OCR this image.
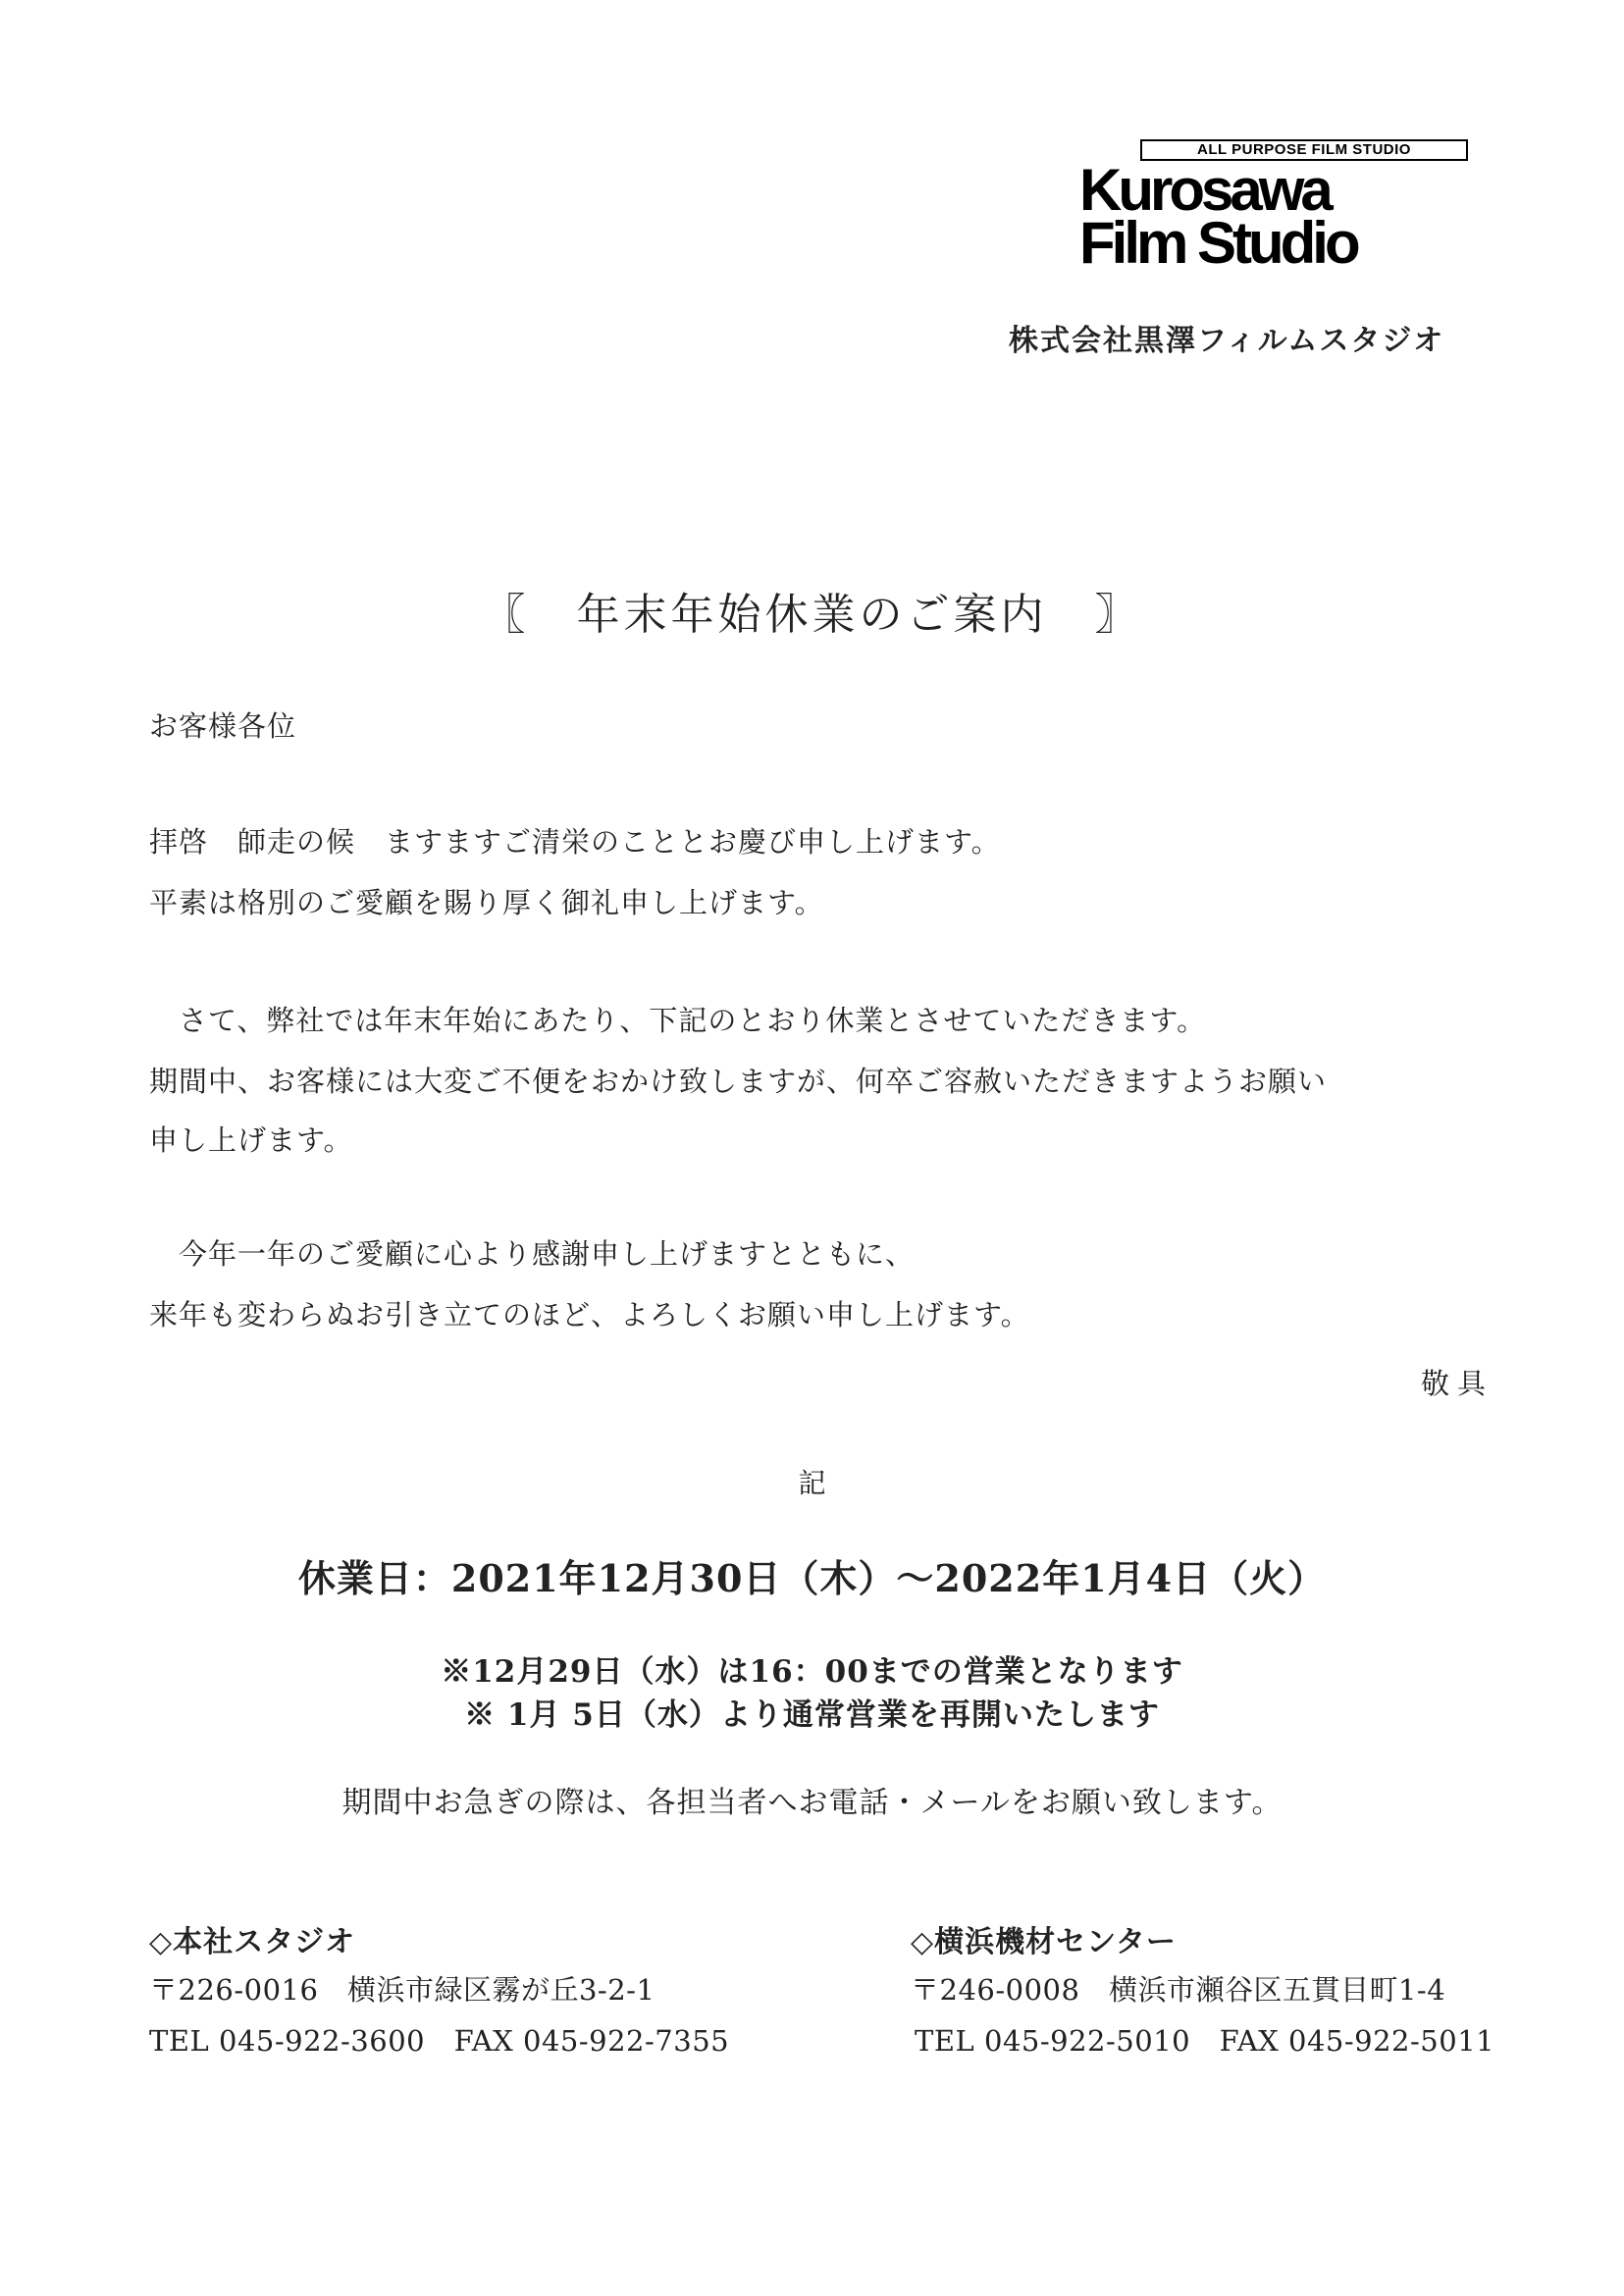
ALL PURPOSE FILM STUDIO
Kurosawa
Film Studio
株式会社黒澤フィルムスタジオ
〖　年末年始休業のご案内　〗
お客様各位
拝啓　師走の候　ますますご清栄のこととお慶び申し上げます。
平素は格別のご愛顧を賜り厚く御礼申し上げます。
　さて、弊社では年末年始にあたり、下記のとおり休業とさせていただきます。
期間中、お客様には大変ご不便をおかけ致しますが、何卒ご容赦いただきますようお願い
申し上げます。
　今年一年のご愛顧に心より感謝申し上げますとともに、
来年も変わらぬお引き立てのほど、よろしくお願い申し上げます。
敬具
記
休業日：2021年12月30日（木）～2022年1月4日（火）
※12月29日（水）は16：00までの営業となります
※ 1月 5日（水）より通常営業を再開いたします
期間中お急ぎの際は、各担当者へお電話・メールをお願い致します。
◇本社スタジオ
〒226-0016　横浜市緑区霧が丘3-2-1
TEL 045-922-3600　FAX 045-922-7355
◇横浜機材センター
〒246-0008　横浜市瀬谷区五貫目町1-4
TEL 045-922-5010　FAX 045-922-5011
